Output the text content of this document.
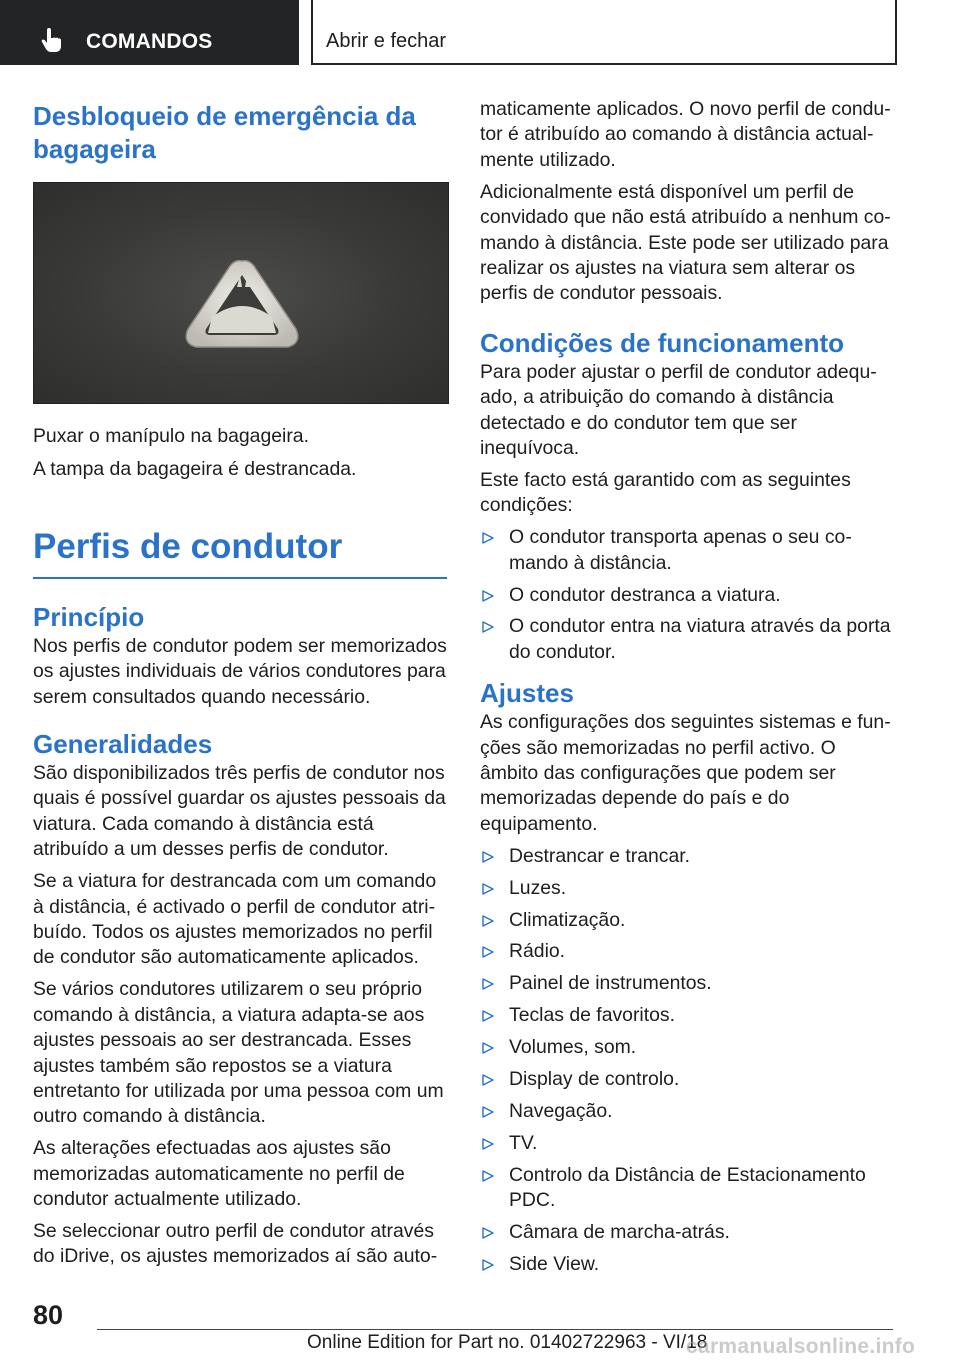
COMANDOS	Abrir e fechar
Desbloqueio de emergência da
bagageira

Puxar o manípulo na bagageira.

A tampa da bagageira é destrancada.

Perfis de condutor
Princípio

Nos perfis de condutor podem ser memorizados os ajustes individuais de vários condutores para serem consultados quando necessário.

Generalidades

São disponibilizados três perfis de condutor nos quais é possível guardar os ajustes pessoais da viatura. Cada comando à distância está atribuído a um desses perfis de condutor.

Se a viatura for destrancada com um comando à distância, é activado o perfil de condutor atribuído. Todos os ajustes memorizados no perfil de condutor são automaticamente aplicados.

Se vários condutores utilizarem o seu próprio comando à distância, a viatura adapta-se aos ajustes pessoais ao ser destrancada. Esses ajustes também são repostos se a viatura entretanto for utilizada por uma pessoa com um outro comando à distância.

As alterações efectuadas aos ajustes são memorizadas automaticamente no perfil de condutor actualmente utilizado.

Se seleccionar outro perfil de condutor através do iDrive, os ajustes memorizados aí são auto-

maticamente aplicados. O novo perfil de condutor é atribuído ao comando à distância actualmente utilizado.

Adicionalmente está disponível um perfil de convidado que não está atribuído a nenhum comando à distância. Este pode ser utilizado para realizar os ajustes na viatura sem alterar os perfis de condutor pessoais.

Condições de funcionamento

Para poder ajustar o perfil de condutor adequado, a atribuição do comando à distância detectado e do condutor tem que ser inequívoca.

Este facto está garantido com as seguintes condições:

O condutor transporta apenas o seu comando à distância.
O condutor destranca a viatura.
O condutor entra na viatura através da porta do condutor.
Ajustes

As configurações dos seguintes sistemas e funções são memorizadas no perfil activo. O âmbito das configurações que podem ser memorizadas depende do país e do equipamento.

Destrancar e trancar.
Luzes.
Climatização.
Rádio.
Painel de instrumentos.
Teclas de favoritos.
Volumes, som.
Display de controlo.
Navegação.
TV.
Controlo da Distância de Estacionamento PDC.
Câmara de marcha-atrás.
Side View.
80
Online Edition for Part no. 01402722963 - VI/18
carmanualsonline.info
